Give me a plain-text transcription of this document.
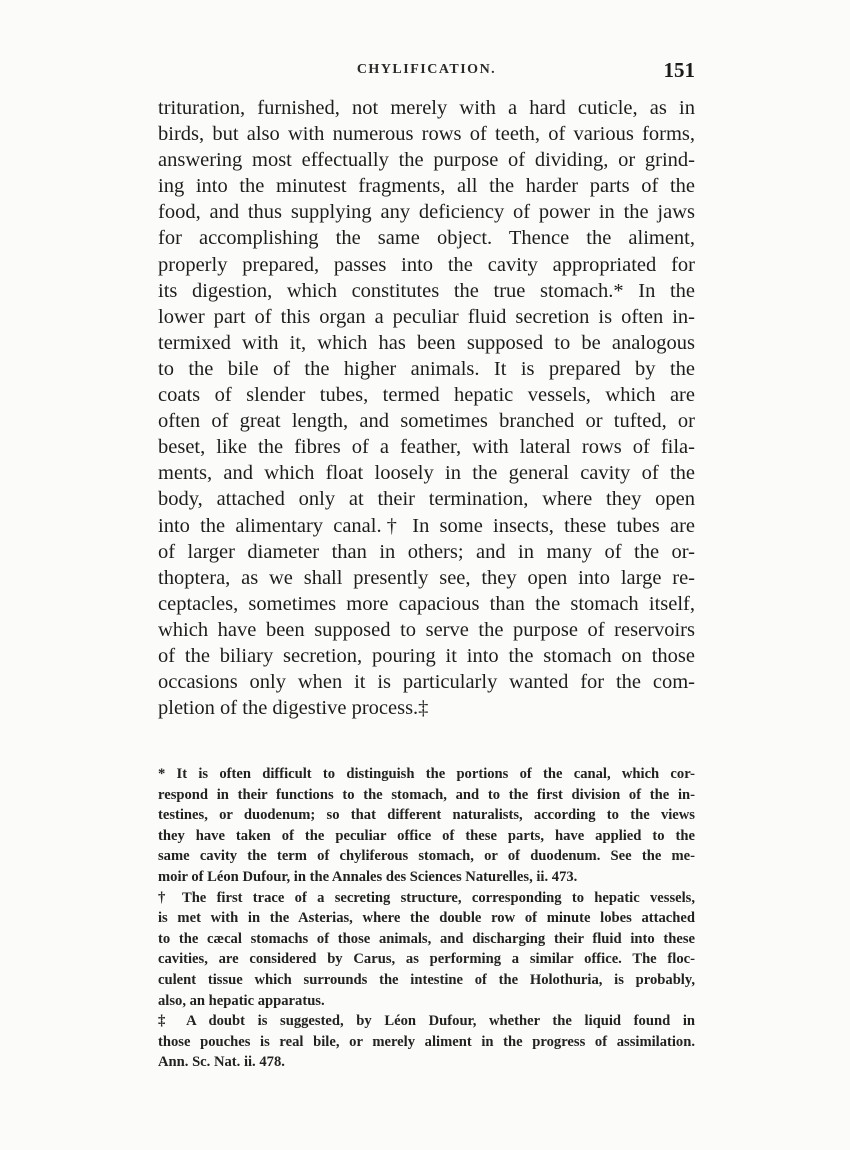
CHYLIFICATION.	151
trituration, furnished, not merely with a hard cuticle, as in
birds, but also with numerous rows of teeth, of various forms,
answering most effectually the purpose of dividing, or grind-
ing into the minutest fragments, all the harder parts of the
food, and thus supplying any deficiency of power in the jaws
for accomplishing the same object. Thence the aliment,
properly prepared, passes into the cavity appropriated for
its digestion, which constitutes the true stomach.* In the
lower part of this organ a peculiar fluid secretion is often in-
termixed with it, which has been supposed to be analogous
to the bile of the higher animals. It is prepared by the
coats of slender tubes, termed hepatic vessels, which are
often of great length, and sometimes branched or tufted, or
beset, like the fibres of a feather, with lateral rows of fila-
ments, and which float loosely in the general cavity of the
body, attached only at their termination, where they open
into the alimentary canal.† In some insects, these tubes are
of larger diameter than in others; and in many of the or-
thoptera, as we shall presently see, they open into large re-
ceptacles, sometimes more capacious than the stomach itself,
which have been supposed to serve the purpose of reservoirs
of the biliary secretion, pouring it into the stomach on those
occasions only when it is particularly wanted for the com-
pletion of the digestive process.‡
* It is often difficult to distinguish the portions of the canal, which cor-
respond in their functions to the stomach, and to the first division of the in-
testines, or duodenum; so that different naturalists, according to the views
they have taken of the peculiar office of these parts, have applied to the
same cavity the term of chyliferous stomach, or of duodenum. See the me-
moir of Léon Dufour, in the Annales des Sciences Naturelles, ii. 473.
† The first trace of a secreting structure, corresponding to hepatic vessels,
is met with in the Asterias, where the double row of minute lobes attached
to the cæcal stomachs of those animals, and discharging their fluid into these
cavities, are considered by Carus, as performing a similar office. The floc-
culent tissue which surrounds the intestine of the Holothuria, is probably,
also, an hepatic apparatus.
‡ A doubt is suggested, by Léon Dufour, whether the liquid found in
those pouches is real bile, or merely aliment in the progress of assimilation.
Ann. Sc. Nat. ii. 478.
